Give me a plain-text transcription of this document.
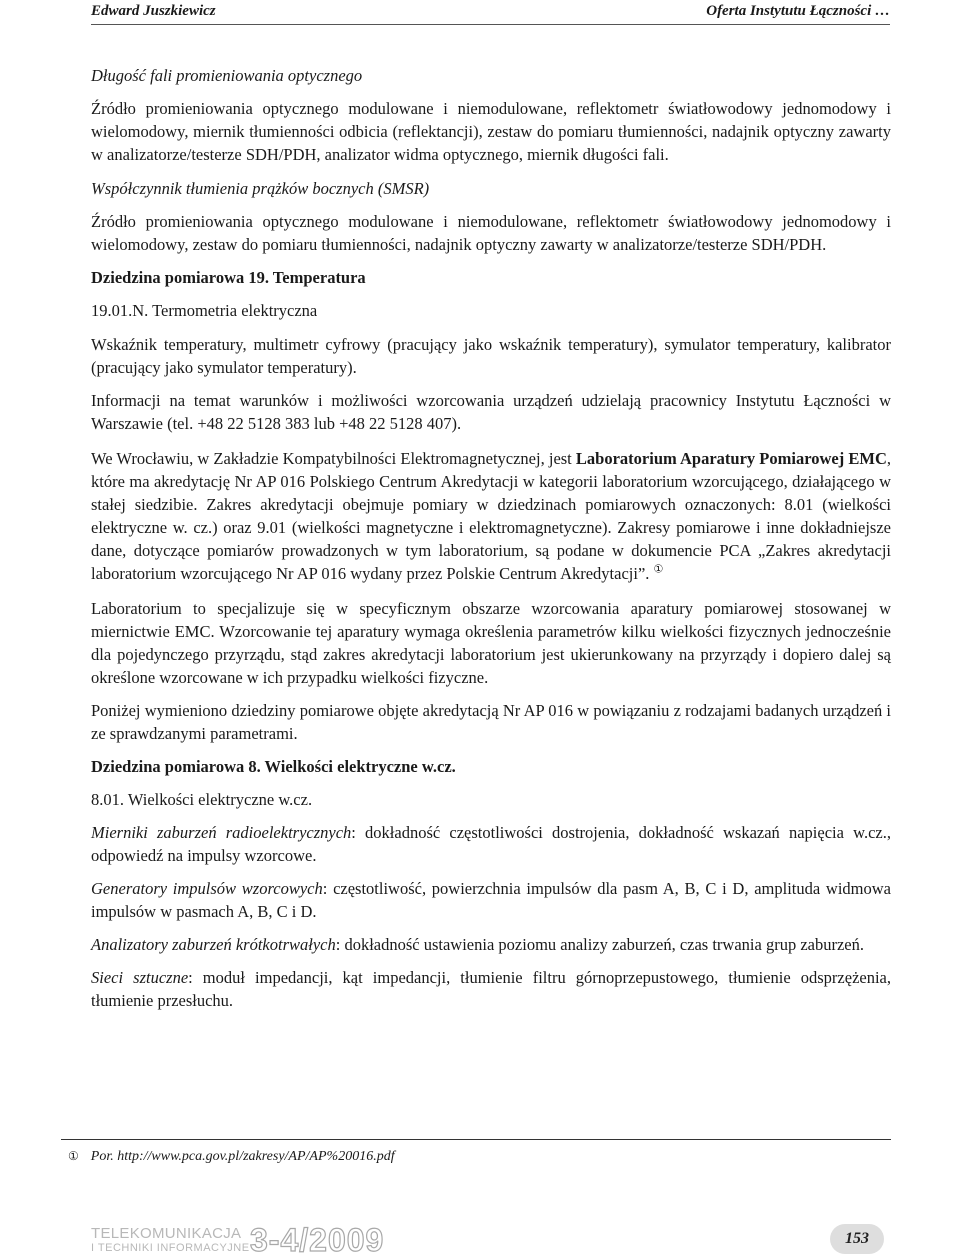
Edward Juszkiewicz	Oferta Instytutu Łączności …

Długość fali promieniowania optycznego

Źródło promieniowania optycznego modulowane i niemodulowane, reflektometr światłowodowy jednomodowy i wielomodowy, miernik tłumienności odbicia (reflektancji), zestaw do pomiaru tłumienności, nadajnik optyczny zawarty w analizatorze/testerze SDH/PDH, analizator widma optycznego, miernik długości fali.

Współczynnik tłumienia prążków bocznych (SMSR)

Źródło promieniowania optycznego modulowane i niemodulowane, reflektometr światłowodowy jednomodowy i wielomodowy, zestaw do pomiaru tłumienności, nadajnik optyczny zawarty w analizatorze/testerze SDH/PDH.

Dziedzina pomiarowa 19. Temperatura

19.01.N. Termometria elektryczna

Wskaźnik temperatury, multimetr cyfrowy (pracujący jako wskaźnik temperatury), symulator temperatury, kalibrator (pracujący jako symulator temperatury).

Informacji na temat warunków i możliwości wzorcowania urządzeń udzielają pracownicy Instytutu Łączności w Warszawie (tel. +48 22 5128 383 lub +48 22 5128 407).

We Wrocławiu, w Zakładzie Kompatybilności Elektromagnetycznej, jest Laboratorium Aparatury Pomiarowej EMC, które ma akredytację Nr AP 016 Polskiego Centrum Akredytacji w kategorii laboratorium wzorcującego, działającego w stałej siedzibie. Zakres akredytacji obejmuje pomiary w dziedzinach pomiarowych oznaczonych: 8.01 (wielkości elektryczne w. cz.) oraz 9.01 (wielkości magnetyczne i elektromagnetyczne). Zakresy pomiarowe i inne dokładniejsze dane, dotyczące pomiarów prowadzonych w tym laboratorium, są podane w dokumencie PCA „Zakres akredytacji laboratorium wzorcującego Nr AP 016 wydany przez Polskie Centrum Akredytacji”. ①

Laboratorium to specjalizuje się w specyficznym obszarze wzorcowania aparatury pomiarowej stosowanej w miernictwie EMC. Wzorcowanie tej aparatury wymaga określenia parametrów kilku wielkości fizycznych jednocześnie dla pojedynczego przyrządu, stąd zakres akredytacji laboratorium jest ukierunkowany na przyrządy i dopiero dalej są określone wzorcowane w ich przypadku wielkości fizyczne.

Poniżej wymieniono dziedziny pomiarowe objęte akredytacją Nr AP 016 w powiązaniu z rodzajami badanych urządzeń i ze sprawdzanymi parametrami.

Dziedzina pomiarowa 8. Wielkości elektryczne w.cz.

8.01. Wielkości elektryczne w.cz.

Mierniki zaburzeń radioelektrycznych: dokładność częstotliwości dostrojenia, dokładność wskazań napięcia w.cz., odpowiedź na impulsy wzorcowe.

Generatory impulsów wzorcowych: częstotliwość, powierzchnia impulsów dla pasm A, B, C i D, amplituda widmowa impulsów w pasmach A, B, C i D.

Analizatory zaburzeń krótkotrwałych: dokładność ustawienia poziomu analizy zaburzeń, czas trwania grup zaburzeń.

Sieci sztuczne: moduł impedancji, kąt impedancji, tłumienie filtru górnoprzepustowego, tłumienie odsprzężenia, tłumienie przesłuchu.

① Por. http://www.pca.gov.pl/zakresy/AP/AP%20016.pdf
TELEKOMUNIKACJA
I TECHNIKI INFORMACYJNE 3-4/2009	153
